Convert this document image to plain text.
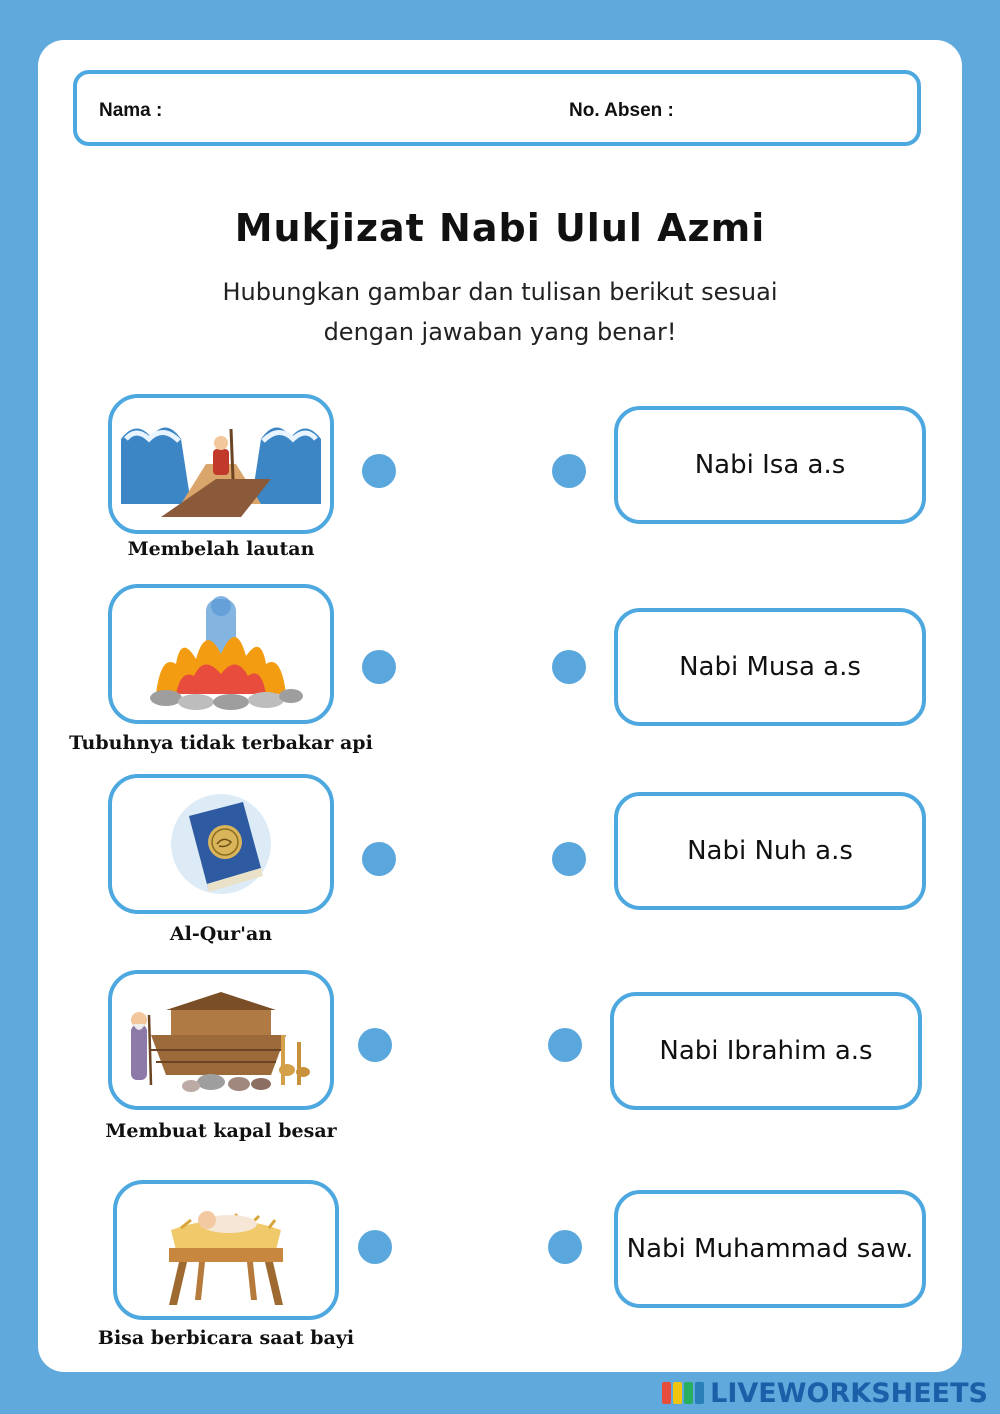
Nama :	No. Absen :
Mukjizat Nabi Ulul Azmi
Hubungkan gambar dan tulisan berikut sesuai
dengan jawaban yang benar!
Membelah lautan
Nabi Isa a.s
Tubuhnya tidak terbakar api
Nabi Musa a.s
Al-Qur'an
Nabi Nuh a.s
Membuat kapal besar
Nabi Ibrahim a.s
Bisa berbicara saat bayi
Nabi Muhammad saw.
LIVEWORKSHEETS
